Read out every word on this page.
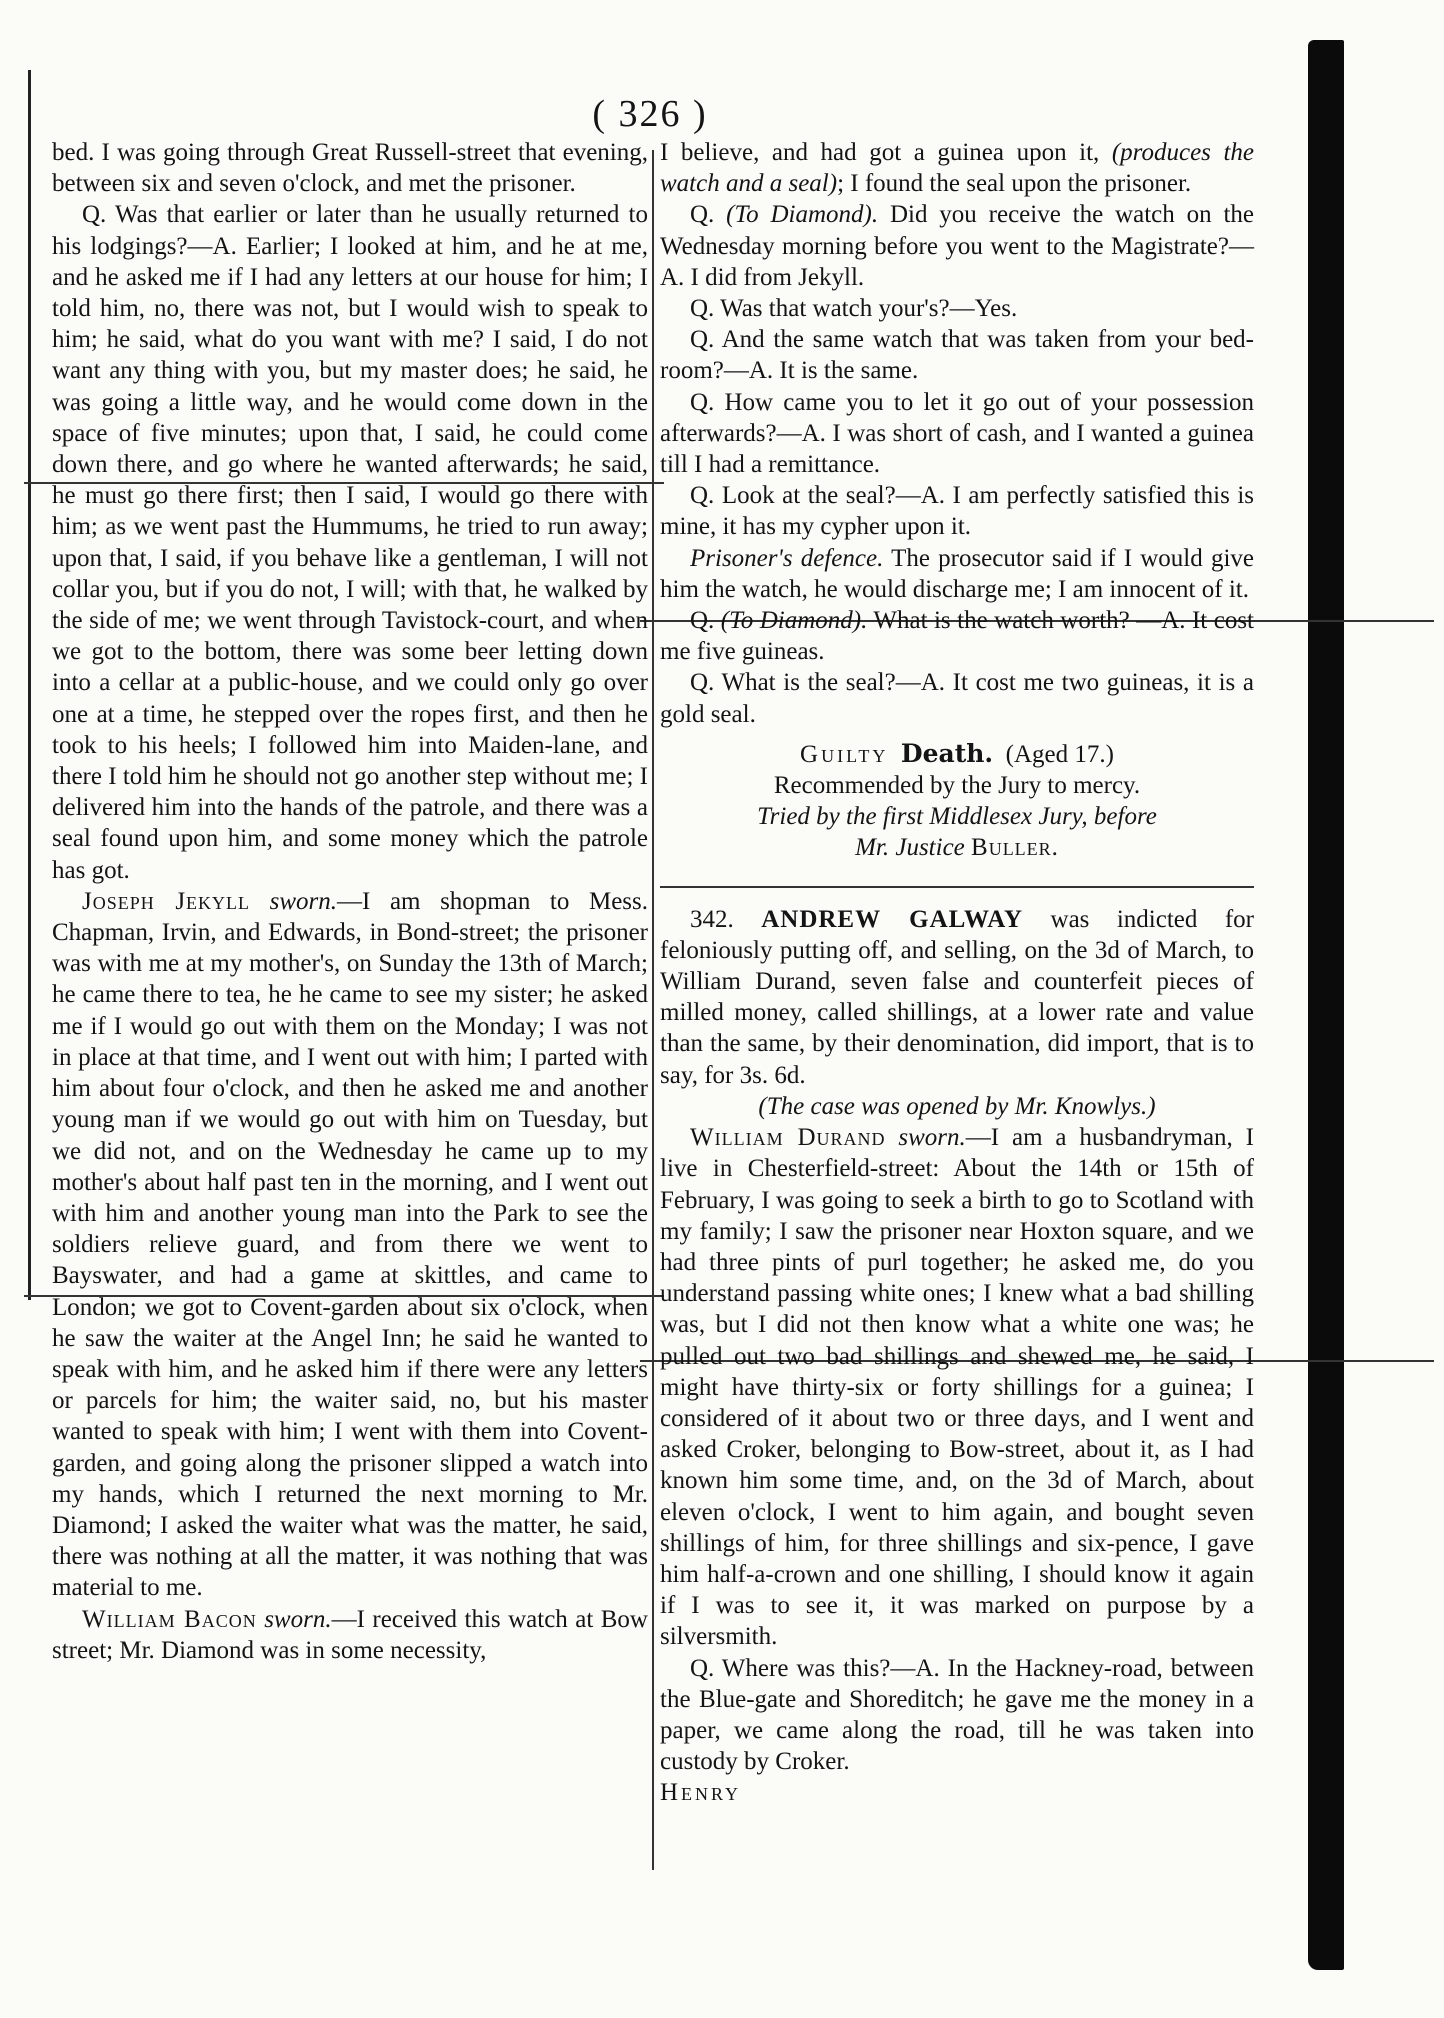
( 326 )

bed. I was going through Great Russell-street that evening, between six and seven o'clock, and met the prisoner.

Q. Was that earlier or later than he usually returned to his lodgings?—A. Earlier; I looked at him, and he at me, and he asked me if I had any letters at our house for him; I told him, no, there was not, but I would wish to speak to him; he said, what do you want with me? I said, I do not want any thing with you, but my master does; he said, he was going a little way, and he would come down in the space of five minutes; upon that, I said, he could come down there, and go where he wanted afterwards; he said, he must go there first; then I said, I would go there with him; as we went past the Hummums, he tried to run away; upon that, I said, if you behave like a gentleman, I will not collar you, but if you do not, I will; with that, he walked by the side of me; we went through Tavistock-court, and when we got to the bottom, there was some beer letting down into a cellar at a public-house, and we could only go over one at a time, he stepped over the ropes first, and then he took to his heels; I followed him into Maiden-lane, and there I told him he should not go another step without me; I delivered him into the hands of the patrole, and there was a seal found upon him, and some money which the patrole has got.

Joseph Jekyll sworn.—I am shopman to Mess. Chapman, Irvin, and Edwards, in Bond-street; the prisoner was with me at my mother's, on Sunday the 13th of March; he came there to tea, he he came to see my sister; he asked me if I would go out with them on the Monday; I was not in place at that time, and I went out with him; I parted with him about four o'clock, and then he asked me and another young man if we would go out with him on Tuesday, but we did not, and on the Wednesday he came up to my mother's about half past ten in the morning, and I went out with him and another young man into the Park to see the soldiers relieve guard, and from there we went to Bayswater, and had a game at skittles, and came to London; we got to Covent-garden about six o'clock, when he saw the waiter at the Angel Inn; he said he wanted to speak with him, and he asked him if there were any letters or parcels for him; the waiter said, no, but his master wanted to speak with him; I went with them into Covent-garden, and going along the prisoner slipped a watch into my hands, which I returned the next morning to Mr. Diamond; I asked the waiter what was the matter, he said, there was nothing at all the matter, it was nothing that was material to me.

William Bacon sworn.—I received this watch at Bow street; Mr. Diamond was in some necessity,

I believe, and had got a guinea upon it, (produces the watch and a seal); I found the seal upon the prisoner.

Q. (To Diamond). Did you receive the watch on the Wednesday morning before you went to the Magistrate?—A. I did from Jekyll.

Q. Was that watch your's?—Yes.

Q. And the same watch that was taken from your bed-room?—A. It is the same.

Q. How came you to let it go out of your possession afterwards?—A. I was short of cash, and I wanted a guinea till I had a remittance.

Q. Look at the seal?—A. I am perfectly satisfied this is mine, it has my cypher upon it.

Prisoner's defence. The prosecutor said if I would give him the watch, he would discharge me; I am innocent of it.

Q. (To Diamond). What is the watch worth? —A. It cost me five guineas.

Q. What is the seal?—A. It cost me two guineas, it is a gold seal.

Guilty Death. (Aged 17.)

Recommended by the Jury to mercy.

Tried by the first Middlesex Jury, before

Mr. Justice Buller.

342. ANDREW GALWAY was indicted for feloniously putting off, and selling, on the 3d of March, to William Durand, seven false and counterfeit pieces of milled money, called shillings, at a lower rate and value than the same, by their denomination, did import, that is to say, for 3s. 6d.

(The case was opened by Mr. Knowlys.)

William Durand sworn.—I am a husbandryman, I live in Chesterfield-street: About the 14th or 15th of February, I was going to seek a birth to go to Scotland with my family; I saw the prisoner near Hoxton square, and we had three pints of purl together; he asked me, do you understand passing white ones; I knew what a bad shilling was, but I did not then know what a white one was; he pulled out two bad shillings and shewed me, he said, I might have thirty-six or forty shillings for a guinea; I considered of it about two or three days, and I went and asked Croker, belonging to Bow-street, about it, as I had known him some time, and, on the 3d of March, about eleven o'clock, I went to him again, and bought seven shillings of him, for three shillings and six-pence, I gave him half-a-crown and one shilling, I should know it again if I was to see it, it was marked on purpose by a silversmith.

Q. Where was this?—A. In the Hackney-road, between the Blue-gate and Shoreditch; he gave me the money in a paper, we came along the road, till he was taken into custody by Croker.

Henry
